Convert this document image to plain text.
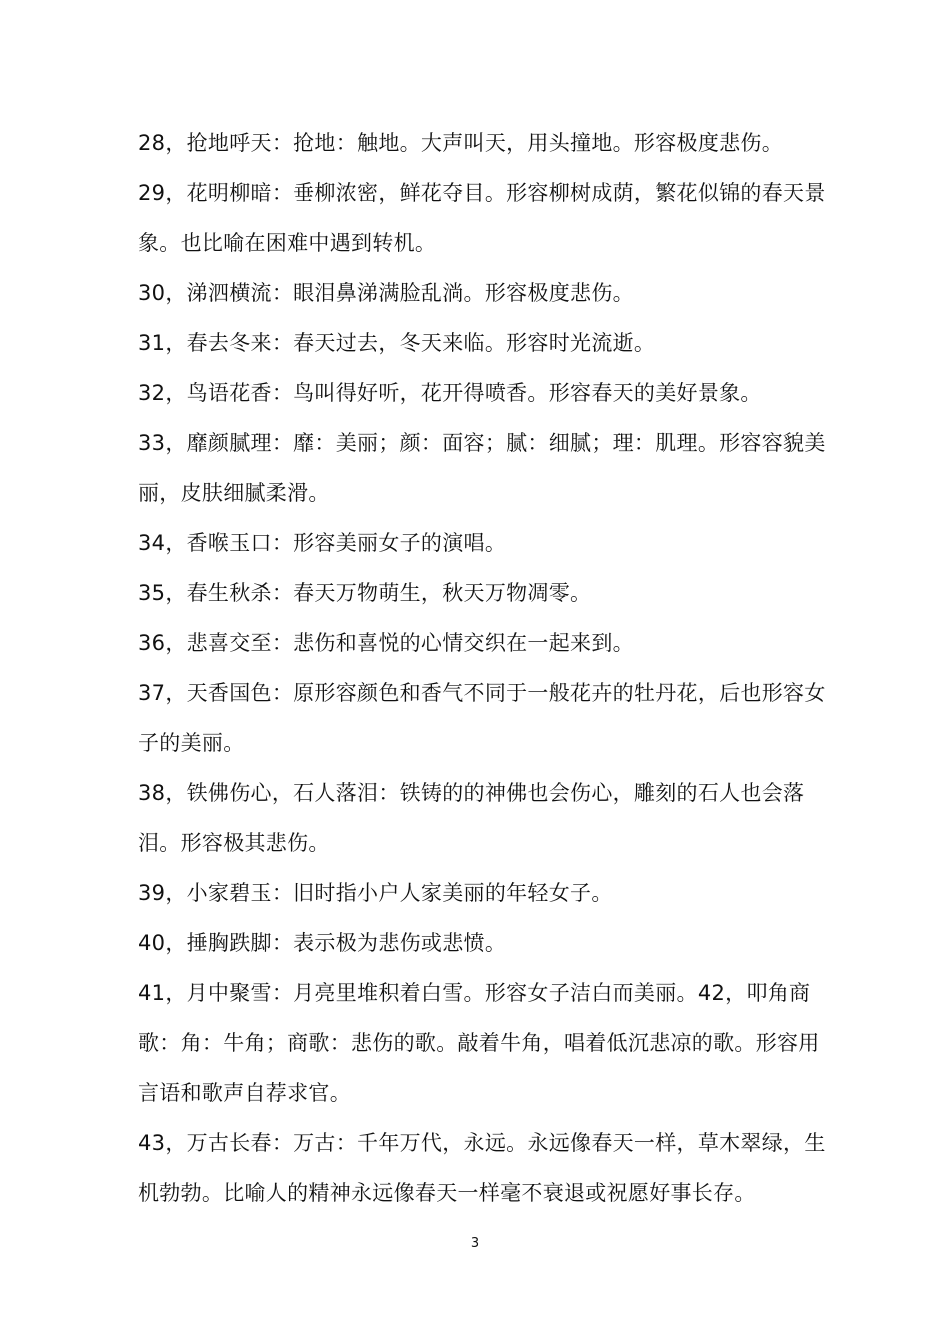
28，抢地呼天：抢地：触地。大声叫天，用头撞地。形容极度悲伤。

29，花明柳暗：垂柳浓密，鲜花夺目。形容柳树成荫，繁花似锦的春天景象。也比喻在困难中遇到转机。

30，涕泗横流：眼泪鼻涕满脸乱淌。形容极度悲伤。

31，春去冬来：春天过去，冬天来临。形容时光流逝。

32，鸟语花香：鸟叫得好听，花开得喷香。形容春天的美好景象。

33，靡颜腻理：靡：美丽；颜：面容；腻：细腻；理：肌理。形容容貌美丽，皮肤细腻柔滑。

34，香喉玉口：形容美丽女子的演唱。

35，春生秋杀：春天万物萌生，秋天万物凋零。

36，悲喜交至：悲伤和喜悦的心情交织在一起来到。

37，天香国色：原形容颜色和香气不同于一般花卉的牡丹花，后也形容女子的美丽。

38，铁佛伤心，石人落泪：铁铸的的神佛也会伤心，雕刻的石人也会落泪。形容极其悲伤。

39，小家碧玉：旧时指小户人家美丽的年轻女子。

40，捶胸跌脚：表示极为悲伤或悲愤。

41，月中聚雪：月亮里堆积着白雪。形容女子洁白而美丽。42，叩角商歌：角：牛角；商歌：悲伤的歌。敲着牛角，唱着低沉悲凉的歌。形容用言语和歌声自荐求官。

43，万古长春：万古：千年万代，永远。永远像春天一样，草木翠绿，生机勃勃。比喻人的精神永远像春天一样毫不衰退或祝愿好事长存。

3
